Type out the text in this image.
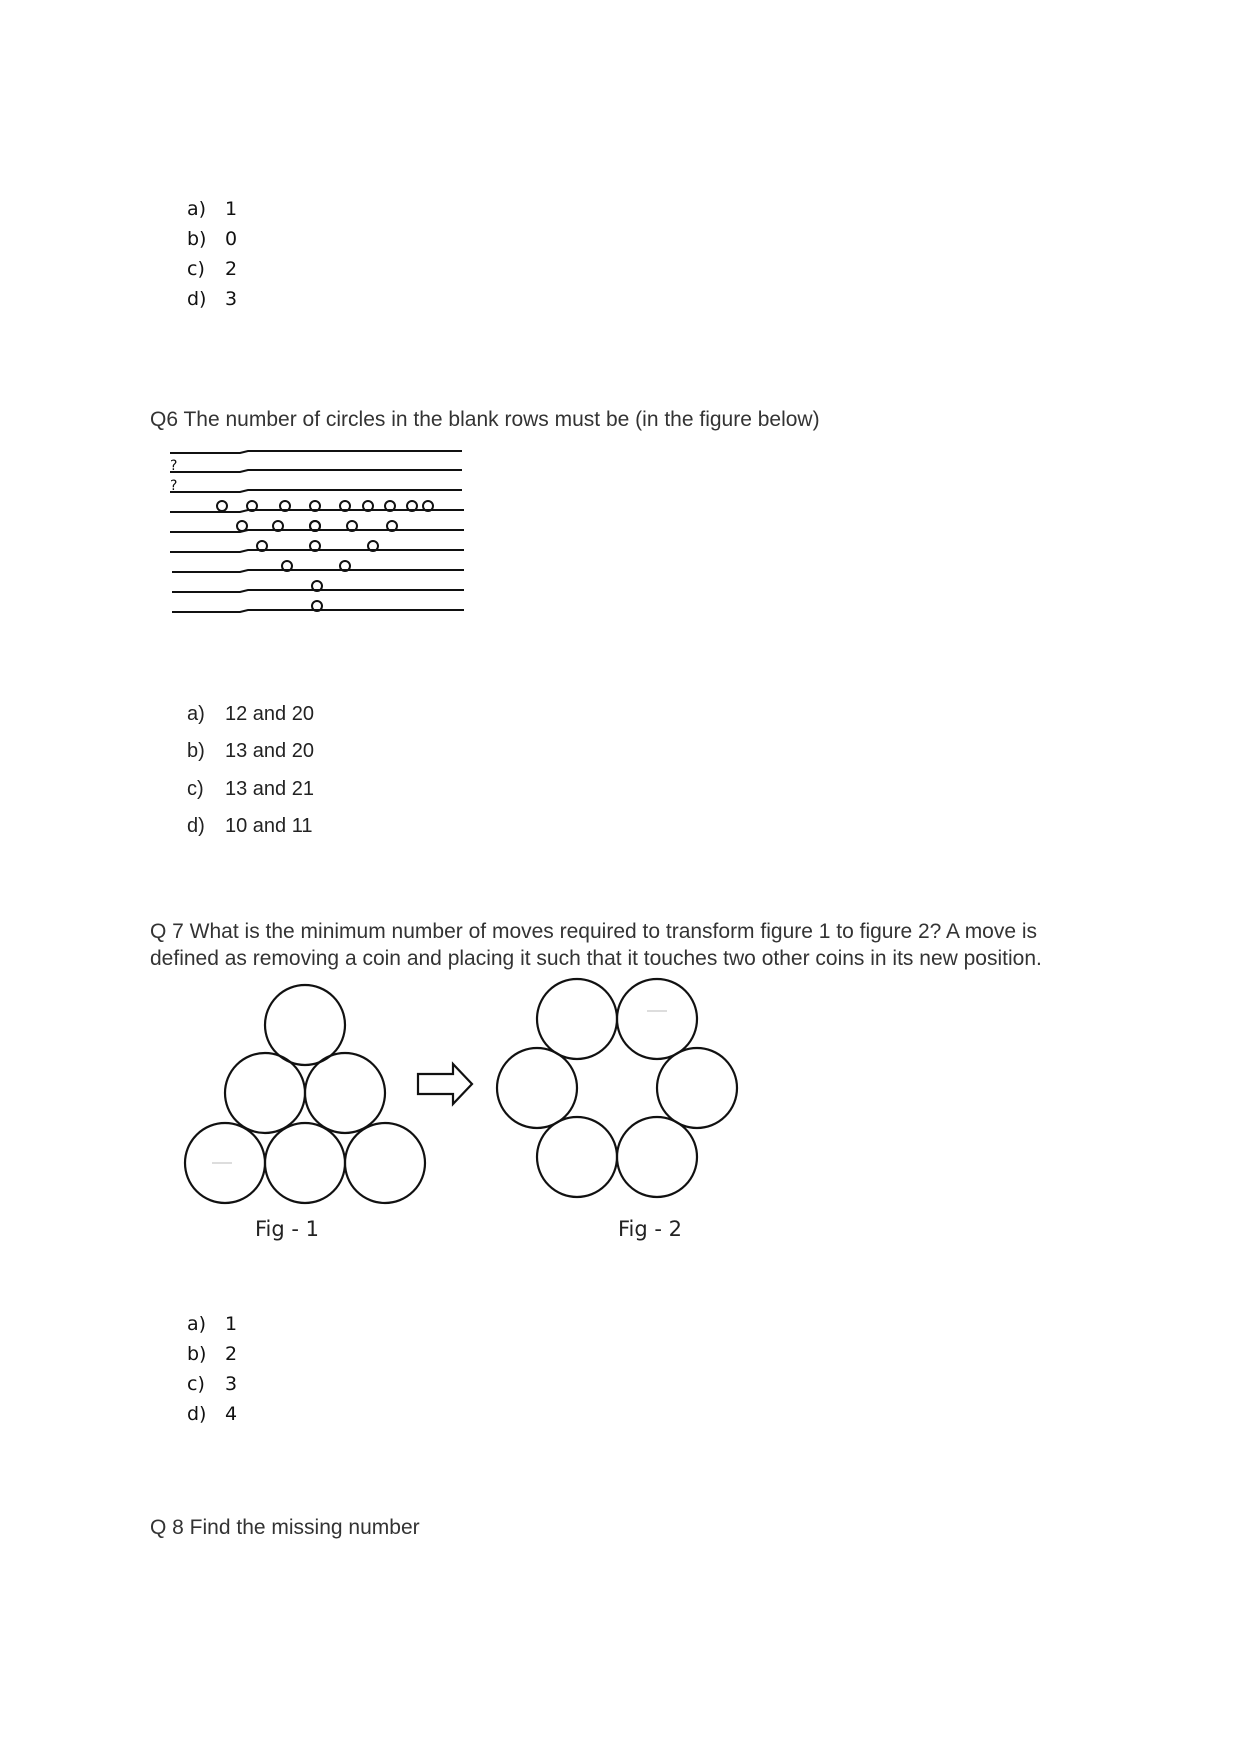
a) 1
b) 0
c) 2
d) 3
Q6 The number of circles in the blank rows must be (in the figure below)
?
?
a) 12 and 20
b) 13 and 20
c) 13 and 21
d) 10 and 11
Q 7 What is the minimum number of moves required to transform figure 1 to figure 2? A move is
defined as removing a coin and placing it such that it touches two other coins in its new position.
Fig - 1	Fig - 2
a) 1
b) 2
c) 3
d) 4
Q 8 Find the missing number
